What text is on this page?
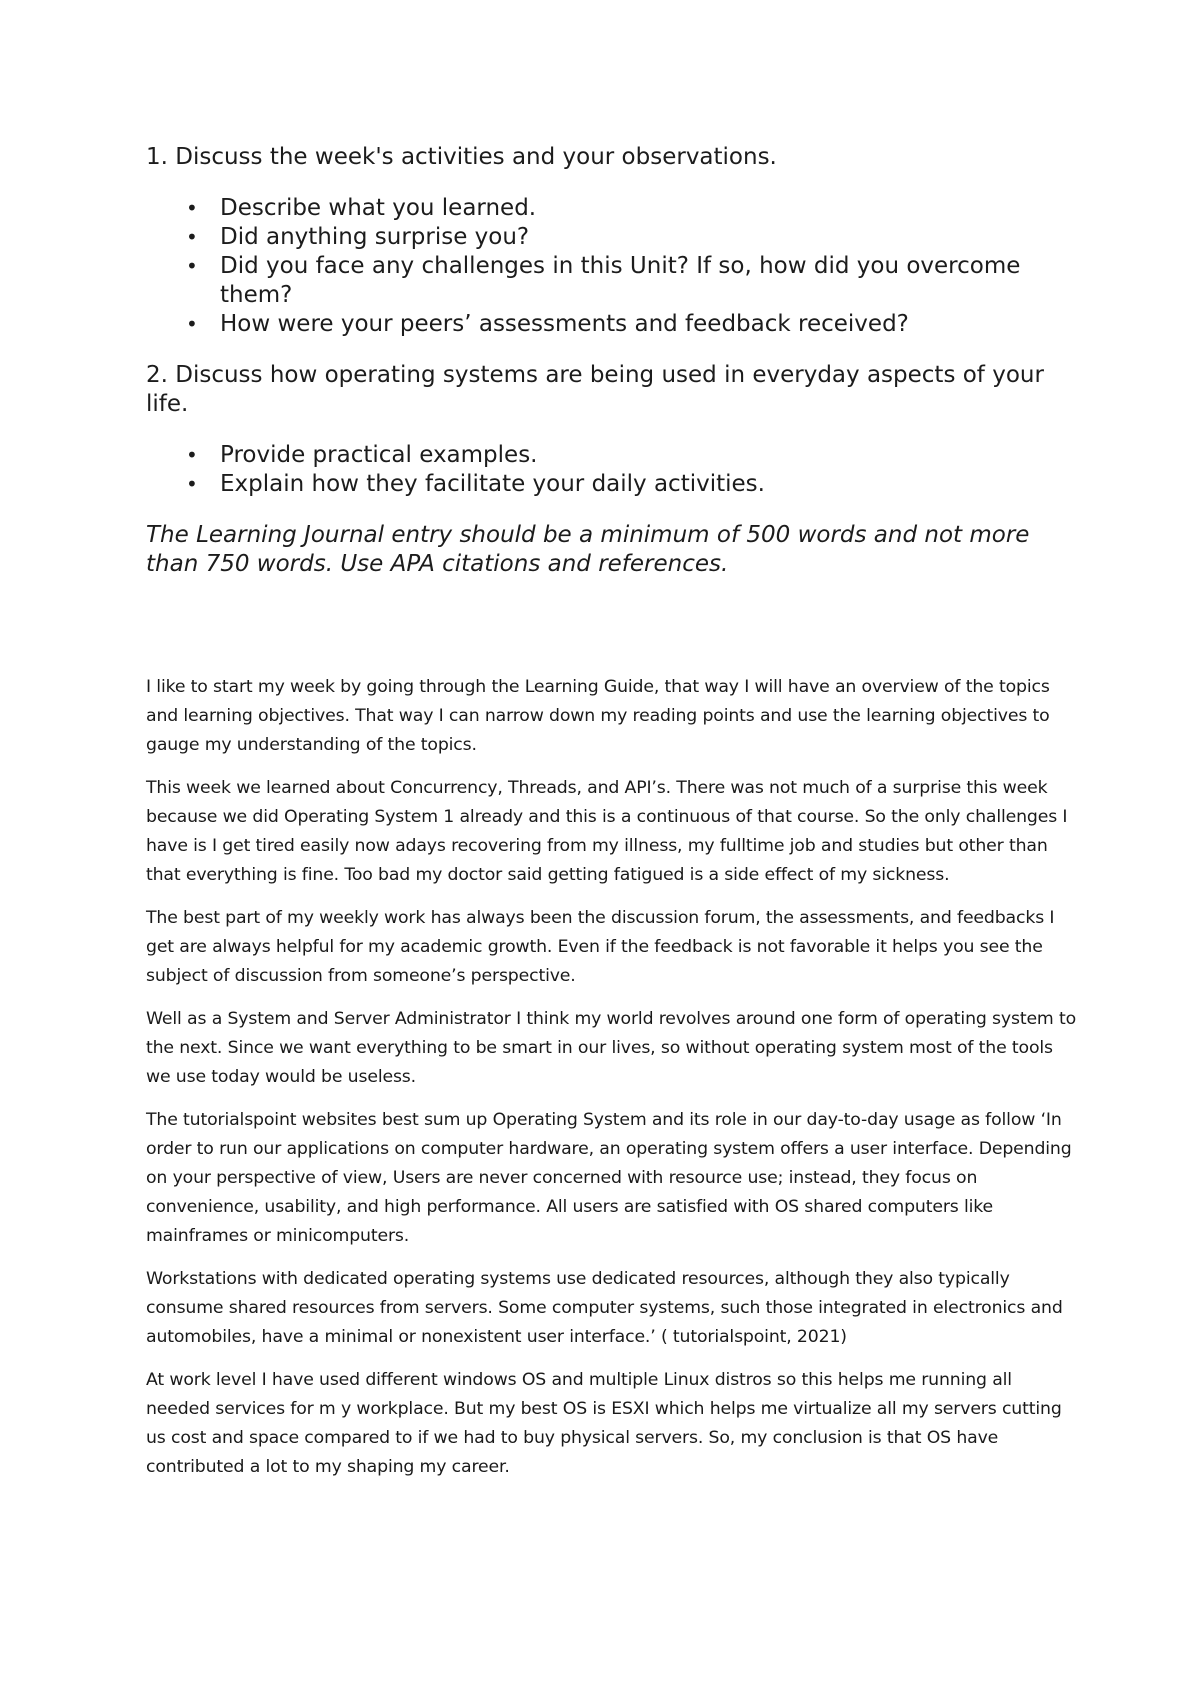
1. Discuss the week's activities and your observations.

• Describe what you learned.
• Did anything surprise you?
• Did you face any challenges in this Unit? If so, how did you overcome them?
• How were your peers’ assessments and feedback received?

2. Discuss how operating systems are being used in everyday aspects of your life.

• Provide practical examples.
• Explain how they facilitate your daily activities.

The Learning Journal entry should be a minimum of 500 words and not more than 750 words. Use APA citations and references.

I like to start my week by going through the Learning Guide, that way I will have an overview of the topics and learning objectives. That way I can narrow down my reading points and use the learning objectives to gauge my understanding of the topics.

This week we learned about Concurrency, Threads, and API’s. There was not much of a surprise this week because we did Operating System 1 already and this is a continuous of that course. So the only challenges I have is I get tired easily now adays recovering from my illness, my fulltime job and studies but other than that everything is fine. Too bad my doctor said getting fatigued is a side effect of my sickness.

The best part of my weekly work has always been the discussion forum, the assessments, and feedbacks I get are always helpful for my academic growth. Even if the feedback is not favorable it helps you see the subject of discussion from someone’s perspective.

Well as a System and Server Administrator I think my world revolves around one form of operating system to the next. Since we want everything to be smart in our lives, so without operating system most of the tools we use today would be useless.

The tutorialspoint websites best sum up Operating System and its role in our day-to-day usage as follow ‘In order to run our applications on computer hardware, an operating system offers a user interface. Depending on your perspective of view, Users are never concerned with resource use; instead, they focus on convenience, usability, and high performance. All users are satisfied with OS shared computers like mainframes or minicomputers.

Workstations with dedicated operating systems use dedicated resources, although they also typically consume shared resources from servers. Some computer systems, such those integrated in electronics and automobiles, have a minimal or nonexistent user interface.’ ( tutorialspoint, 2021)

At work level I have used different windows OS and multiple Linux distros so this helps me running all needed services for m y workplace. But my best OS is ESXI which helps me virtualize all my servers cutting us cost and space compared to if we had to buy physical servers. So, my conclusion is that OS have contributed a lot to my shaping my career.
